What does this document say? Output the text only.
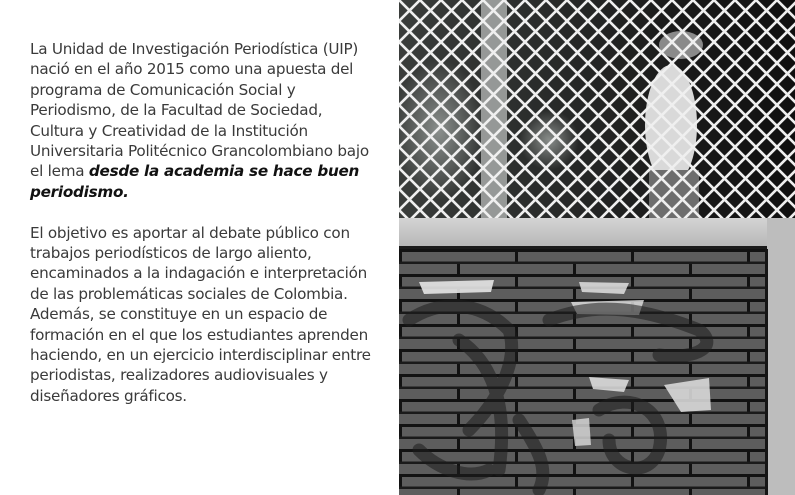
La Unidad de Investigación Periodística (UIP) nació en el año 2015 como una apuesta del programa de Comunicación Social y Periodismo, de la Facultad de Sociedad, Cultura y Creatividad de la Institución Universitaria Politécnico Grancolombiano bajo el lema desde la academia se hace buen periodismo.

El objetivo es aportar al debate público con trabajos periodísticos de largo aliento, encaminados a la indagación e interpretación de las problemáticas sociales de Colombia. Además, se constituye en un espacio de formación en el que los estudiantes aprenden haciendo, en un ejercicio interdisciplinar entre periodistas, realizadores audiovisuales y diseñadores gráficos.
